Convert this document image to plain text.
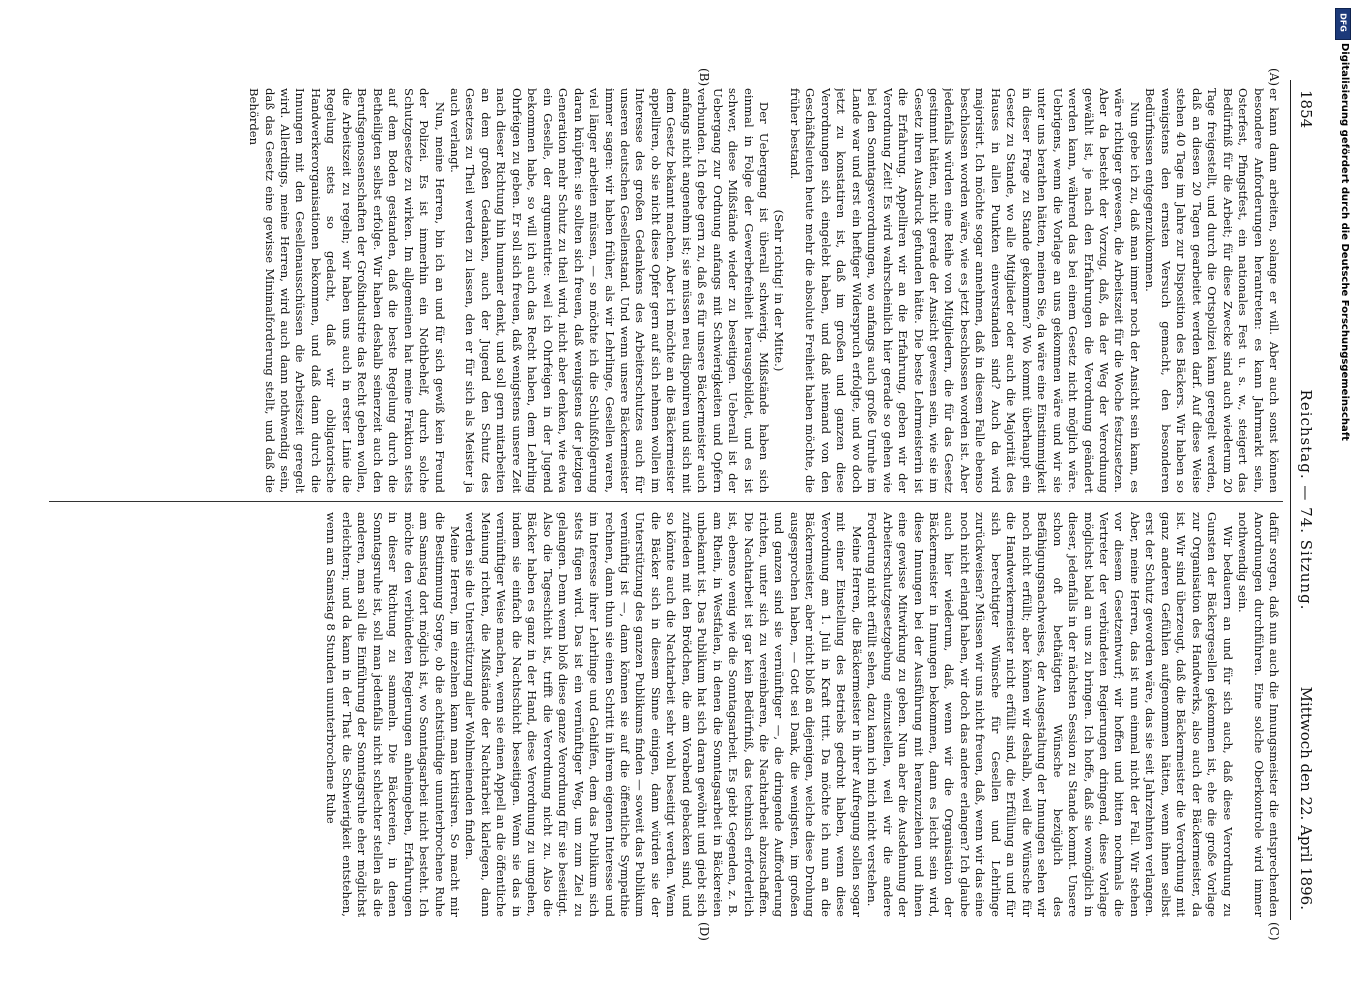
1854
Reichstag. — 74. Sitzung.
Mittwoch den 22. April 1896.
(A)
(B)
(C)
(D)

er kann dann arbeiten, solange er will. Aber auch sonst können besondere Anforderungen herantreten: es kann Jahrmarkt sein, Osterfest, Pfingstfest, ein nationales Fest u. s. w., steigert das Bedürfniß für die Arbeit; für diese Zwecke sind auch wiederum 20 Tage freigestellt, und durch die Ortspolizei kann geregelt werden, daß an diesen 20 Tagen gearbeitet werden darf. Auf diese Weise stehen 40 Tage im Jahre zur Disposition des Bäckers. Wir haben so wenigstens den ernsten Versuch gemacht, den besonderen Bedürfnissen entgegenzukommen.

Nun gebe ich zu, daß man immer noch der Ansicht sein kann, es wäre richtiger gewesen, die Arbeitszeit für die Woche festzusetzen. Aber da besteht der Vorzug, daß, da der Weg der Verordnung gewählt ist, je nach den Erfahrungen die Verordnung geändert werden kann, während das bei einem Gesetz nicht möglich wäre. Uebrigens, wenn die Vorlage an uns gekommen wäre und wir sie unter uns berathen hätten, meinen Sie, da wäre eine Einstimmigkeit in dieser Frage zu Stande gekommen? Wo kommt überhaupt ein Gesetz zu Stande, wo alle Mitglieder oder auch die Majorität des Hauses in allen Punkten einverstanden sind? Auch da wird majorisirt. Ich möchte sogar annehmen, daß in diesem Falle ebenso beschlossen worden wäre, wie es jetzt beschlossen worden ist. Aber jedenfalls würden eine Reihe von Mitgliedern, die für das Gesetz gestimmt hätten, nicht gerade der Ansicht gewesen sein, wie sie im Gesetz ihren Ausdruck gefunden hätte. Die beste Lehrmeisterin ist die Erfahrung. Appelliren wir an die Erfahrung, geben wir der Verordnung Zeit! Es wird wahrscheinlich hier gerade so gehen wie bei den Sonntagsverordnungen, wo anfangs auch große Unruhe im Lande war und erst ein heftiger Widerspruch erfolgte, und wo doch jetzt zu konstatiren ist, daß im großen und ganzen diese Verordnungen sich eingelebt haben, und daß niemand von den Geschäftsleuten heute mehr die absolute Freiheit haben möchte, die früher bestand.

(Sehr richtig! in der Mitte.)

Der Uebergang ist überall schwierig. Mißstände haben sich einmal in Folge der Gewerbefreiheit herausgebildet, und es ist schwer, diese Mißstände wieder zu beseitigen. Ueberall ist der Uebergang zur Ordnung anfangs mit Schwierigkeiten und Opfern verbunden. Ich gebe gern zu, daß es für unsere Bäckermeister auch anfangs nicht angenehm ist; sie müssen neu disponiren und sich mit dem Gesetz bekannt machen. Aber ich möchte an die Bäckermeister appelliren, ob sie nicht diese Opfer gern auf sich nehmen wollen im Interesse des großen Gedankens des Arbeiterschutzes auch für unseren deutschen Gesellenstand. Und wenn unsere Bäckermeister immer sagen: wir haben früher, als wir Lehrlinge, Gesellen waren, viel länger arbeiten müssen, — so möchte ich die Schlußfolgerung daran knüpfen: sie sollten sich freuen, daß wenigstens der jetzigen Generation mehr Schutz zu theil wird, nicht aber denken, wie etwa ein Geselle, der argumentirte: weil ich Ohrfeigen in der Jugend bekommen habe, so will ich auch das Recht haben, dem Lehrling Ohrfeigen zu geben. Er soll sich freuen, daß wenigstens unsere Zeit nach dieser Richtung hin humaner denkt, und soll gern mitarbeiten an dem großen Gedanken, auch der Jugend den Schutz des Gesetzes zu Theil werden zu lassen, den er für sich als Meister ja auch verlangt.

Nun, meine Herren, bin ich an und für sich gewiß kein Freund der Polizei. Es ist immerhin ein Nothbehelf, durch solche Schutzgesetze zu wirken. Im allgemeinen hat meine Fraktion stets auf dem Boden gestanden, daß die beste Regelung durch die Betheiligten selbst erfolge. Wir haben deshalb seinerzeit auch den Berufsgenossenschaften der Großindustrie das Recht geben wollen, die Arbeitszeit zu regeln; wir haben uns auch in erster Linie die Regelung stets so gedacht, daß wir obligatorische Handwerkerorganisationen bekommen, und daß dann durch die Innungen mit den Gesellenausschüssen die Arbeitszeit geregelt wird. Allerdings, meine Herren, wird auch dann nothwendig sein, daß das Gesetz eine gewisse Minimalforderung stellt, und daß die Behörden

dafür sorgen, daß nun auch die Innungsmeister die entsprechenden Anordnungen durchführen. Eine solche Oberkontrole wird immer nothwendig sein.

Wir bedauern an und für sich auch, daß diese Verordnung zu Gunsten der Bäckergesellen gekommen ist, ehe die große Vorlage zur Organisation des Handwerks, also auch der Bäckermeister, da ist. Wir sind überzeugt, daß die Bäckermeister die Verordnung mit ganz anderen Gefühlen aufgenommen hätten, wenn ihnen selbst erst der Schutz geworden wäre, das sie seit Jahrzehnten verlangen. Aber, meine Herren, das ist nun einmal nicht der Fall. Wir stehen vor diesem Gesetzentwurf; wir hoffen und bitten nochmals die Vertreter der verbündeten Regierungen dringend, diese Vorlage möglichst bald an uns zu bringen. Ich hoffe, daß sie womöglich in dieser, jedenfalls in der nächsten Session zu Stande kommt. Unsere schon oft bethätigten Wünsche bezüglich des Befähigungsnachweises, der Ausgestaltung der Innungen sehen wir noch nicht erfüllt; aber können wir deshalb, weil die Wünsche für die Handwerkermeister nicht erfüllt sind, die Erfüllung an und für sich berechtigter Wünsche für Gesellen und Lehrlinge zurückweisen? Müssen wir uns nicht freuen, daß, wenn wir das eine noch nicht erlangt haben, wir doch das andere erlangen? Ich glaube auch hier wiederum, daß, wenn wir die Organisation der Bäckermeister in Innungen bekommen, dann es leicht sein wird, diese Innungen bei der Ausführung mit heranzuziehen und ihnen eine gewisse Mitwirkung zu geben. Nun aber die Ausdehnung der Arbeiterschutzgesetzgebung einzustellen, weil wir die andere Forderung nicht erfüllt sehen, dazu kann ich mich nicht verstehen.

Meine Herren, die Bäckermeister in ihrer Aufregung sollen sogar mit einer Einstellung des Betriebs gedroht haben, wenn diese Verordnung am 1. Juli in Kraft tritt. Da möchte ich nun an die Bäckermeister, aber nicht bloß an diejenigen, welche diese Drohung ausgesprochen haben, — Gott sei Dank, die wenigsten, im großen und ganzen sind sie vernünftiger —, die dringende Aufforderung richten, unter sich zu vereinbaren, die Nachtarbeit abzuschaffen. Die Nachtarbeit ist gar kein Bedürfniß, das technisch erforderlich ist, ebenso wenig wie die Sonntagsarbeit. Es giebt Gegenden, z. B. am Rhein, in Westfalen, in denen die Sonntagsarbeit in Bäckereien unbekannt ist. Das Publikum hat sich daran gewöhnt und giebt sich zufrieden mit den Brödchen, die am Vorabend gebacken sind, und so könnte auch die Nachtarbeit sehr wohl beseitigt werden. Wenn die Bäcker sich in diesem Sinne einigen, dann würden sie der Unterstützung des ganzen Publikums finden — soweit das Publikum vernünftig ist —, dann können sie auf die öffentliche Sympathie rechnen, dann thun sie einen Schritt in ihrem eigenen Interesse und im Interesse ihrer Lehrlinge und Gehilfen, dem das Publikum sich stets fügen wird. Das ist ein vernünftiger Weg, um zum Ziel zu gelangen. Denn wenn bloß diese ganze Verordnung für sie beseitigt. Also die Tageschicht ist, trifft die Verordnung nicht zu. Also die Bäcker haben es ganz in der Hand, diese Verordnung zu umgehen, indem sie einfach die Nachtschicht beseitigen. Wenn sie das in vernünftiger Weise machen, wenn sie einen Appell an die öffentliche Meinung richten, die Mißstände der Nachtarbeit klarlegen, dann werden sie die Unterstützung aller Wohlmeinenden finden.

Meine Herren, im einzelnen kann man kritisiren. So macht mir die Bestimmung Sorge, ob die achtstündige ununterbrochene Ruhe am Samstag dort möglich ist, wo Sonntagsarbeit nicht besteht. Ich möchte den verbündeten Regierungen anheimgeben, Erfahrungen in dieser Richtung zu sammeln. Die Bäckereien, in denen Sonntagsruhe ist, soll man jedenfalls nicht schlechter stellen als die anderen, man soll die Einführung der Sonntagsruhe eher möglichst erleichtern; und da kann in der That die Schwierigkeit entstehen, wenn am Samstag 8 Stunden ununterbrochene Ruhe

DFG
Digitalisierung gefördert durch die Deutsche Forschungsgemeinschaft
